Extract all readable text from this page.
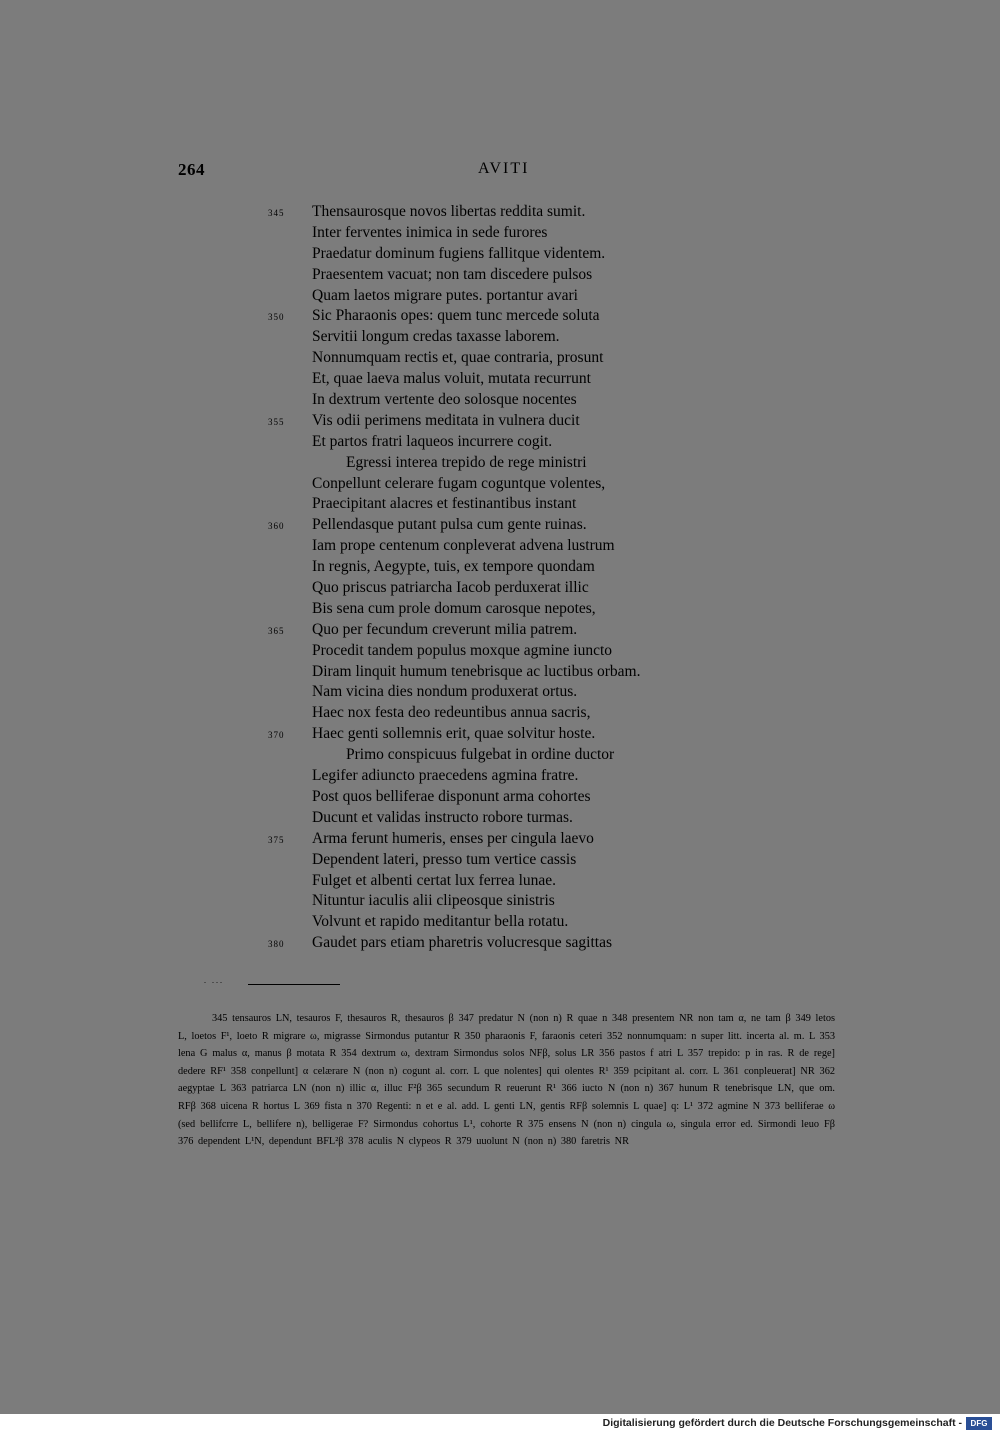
264	AVITI
345 Thensaurosque novos libertas reddita sumit.
Inter ferventes inimica in sede furores
Praedatur dominum fugiens fallitque videntem.
Praesentem vacuat; non tam discedere pulsos
Quam laetos migrare putes. portantur avari
350 Sic Pharaonis opes: quem tunc mercede soluta
Servitii longum credas taxasse laborem.
Nonnumquam rectis et, quae contraria, prosunt
Et, quae laeva malus voluit, mutata recurrunt
In dextrum vertente deo solosque nocentes
355 Vis odii perimens meditata in vulnera ducit
Et partos fratri laqueos incurrere cogit.
Egressi interea trepido de rege ministri
Conpellunt celerare fugam coguntque volentes,
Praecipitant alacres et festinantibus instant
360 Pellendasque putant pulsa cum gente ruinas.
Iam prope centenum conpleverat advena lustrum
In regnis, Aegypte, tuis, ex tempore quondam
Quo priscus patriarcha Iacob perduxerat illic
Bis sena cum prole domum carosque nepotes,
365 Quo per fecundum creverunt milia patrem.
Procedit tandem populus moxque agmine iuncto
Diram linquit humum tenebrisque ac luctibus orbam.
Nam vicina dies nondum produxerat ortus.
Haec nox festa deo redeuntibus annua sacris,
370 Haec genti sollemnis erit, quae solvitur hoste.
Primo conspicuus fulgebat in ordine ductor
Legifer adiuncto praecedens agmina fratre.
Post quos belliferae disponunt arma cohortes
Ducunt et validas instructo robore turmas.
375 Arma ferunt humeris, enses per cingula laevo
Dependent lateri, presso tum vertice cassis
Fulget et albenti certat lux ferrea lunae.
Nituntur iaculis alii clipeosque sinistris
Volvunt et rapido meditantur bella rotatu.
380 Gaudet pars etiam pharetris volucresque sagittas
. ...
345 tensauros LN, tesauros F, thesauros R, thesauros β 347 predatur N (non n) R quae n 348 presentem NR non tam α, ne tam β 349 letos L, loetos F¹, loeto R migrare ω, migrasse Sirmondus putantur R 350 pharaonis F, faraonis ceteri 352 nonnumquam: n super litt. incerta al. m. L 353 lena G malus α, manus β motata R 354 dextrum ω, dextram Sirmondus solos NFβ, solus LR 356 pastos f atri L 357 trepido: p in ras. R de rege] dedere RF¹ 358 conpellunt] α celærare N (non n) cogunt al. corr. L que nolentes] qui olentes R¹ 359 pcipitant al. corr. L 361 conpleuerat] NR 362 aegyptae L 363 patriarca LN (non n) illic α, illuc F²β 365 secundum R reuerunt R¹ 366 iucto N (non n) 367 hunum R tenebrisque LN, que om. RFβ 368 uicena R hortus L 369 fista n 370 Regenti: n et e al. add. L genti LN, gentis RFβ solemnis L quae] q: L¹ 372 agmine N 373 belliferae ω (sed bellifcrre L, bellifere n), belligerae F? Sirmondus cohortus L¹, cohorte R 375 ensens N (non n) cingula ω, singula error ed. Sirmondi leuo Fβ 376 dependent L¹N, dependunt BFL²β 378 aculis N clypeos R 379 uuolunt N (non n) 380 faretris NR
Digitalisierung gefördert durch die Deutsche Forschungsgemeinschaft -	DFG
